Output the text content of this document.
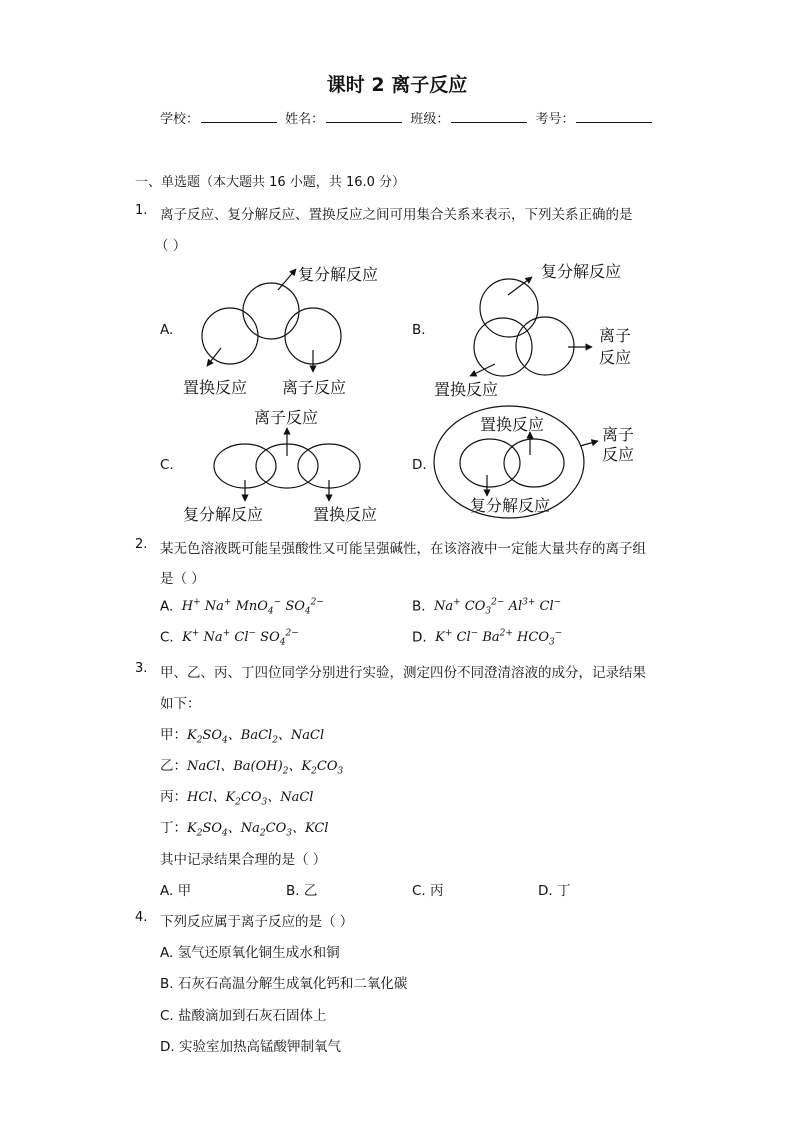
课时 2 离子反应
学校：	姓名：	班级：	考号：
一、单选题（本大题共 16 小题，共 16.0 分）
1. 离子反应、复分解反应、置换反应之间可用集合关系来表示，下列关系正确的是
（ ）
A.	B.
C.	D.
复分解反应
置换反应 离子反应
复分解反应
离子
反应
置换反应
离子反应
复分解反应	置换反应
置换反应
离子
反应
复分解反应
2. 某无色溶液既可能呈强酸性又可能呈强碱性，在该溶液中一定能大量共存的离子组
是（ ）
A.  H+ Na+ MnO$_4$− $SO_4^{2-}$	B.  Na+ $CO_3^{2-}$ $Al^{3+}$ Cl−
C.  K+ Na+ Cl− $SO_4^{2-}$	D.  K+ Cl− $Ba^{2+}$ $HCO_3^-$
3. 甲、乙、丙、丁四位同学分别进行实验，测定四份不同澄清溶液的成分，记录结果
如下：
甲：$K_2SO_4$、BaCl$_2$、NaCl
乙：NaCl、$Ba(OH)_2$、$K_2CO_3$
丙：HCl、$K_2CO_3$、NaCl
丁：$K_2SO_4$、$Na_2CO_3$、KCl
其中记录结果合理的是（ ）
A. 甲	B. 乙	C. 丙	D. 丁
4. 下列反应属于离子反应的是（ ）
A. 氢气还原氧化铜生成水和铜
B. 石灰石高温分解生成氧化钙和二氧化碳
C. 盐酸滴加到石灰石固体上
D. 实验室加热高锰酸钾制氧气
